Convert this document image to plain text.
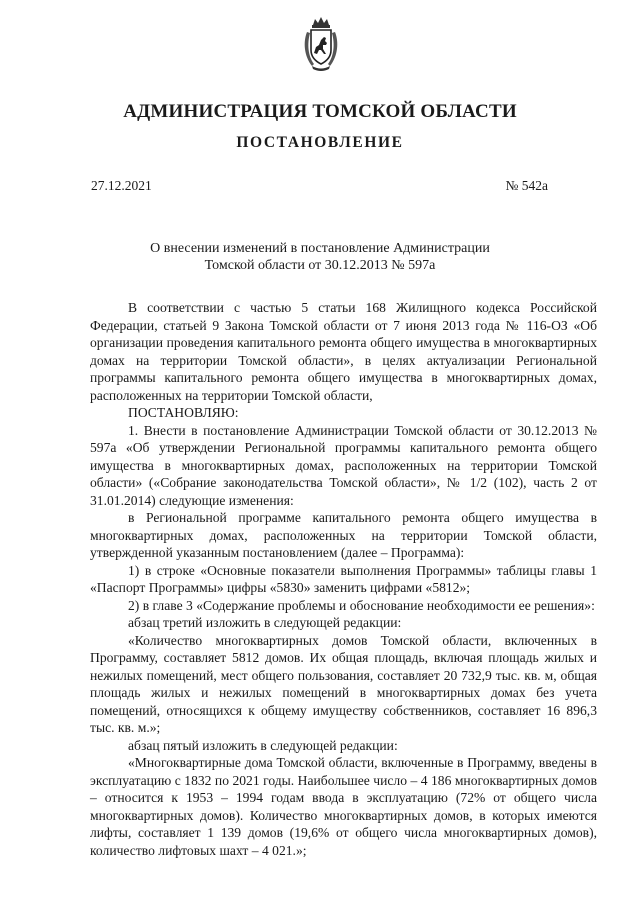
АДМИНИСТРАЦИЯ ТОМСКОЙ ОБЛАСТИ
ПОСТАНОВЛЕНИЕ
27.12.2021	№ 542а
О внесении изменений в постановление Администрации
Томской области от 30.12.2013 № 597а

В соответствии с частью 5 статьи 168 Жилищного кодекса Российской Федерации, статьей 9 Закона Томской области от 7 июня 2013 года № 116-ОЗ «Об организации проведения капитального ремонта общего имущества в многоквартирных домах на территории Томской области», в целях актуализации Региональной программы капитального ремонта общего имущества в многоквартирных домах, расположенных на территории Томской области,

ПОСТАНОВЛЯЮ:

1. Внести в постановление Администрации Томской области от 30.12.2013 № 597а «Об утверждении Региональной программы капитального ремонта общего имущества в многоквартирных домах, расположенных на территории Томской области» («Собрание законодательства Томской области», № 1/2 (102), часть 2 от 31.01.2014) следующие изменения:

в Региональной программе капитального ремонта общего имущества в многоквартирных домах, расположенных на территории Томской области, утвержденной указанным постановлением (далее – Программа):

1) в строке «Основные показатели выполнения Программы» таблицы главы 1 «Паспорт Программы» цифры «5830» заменить цифрами «5812»;

2) в главе 3 «Содержание проблемы и обоснование необходимости ее решения»:

абзац третий изложить в следующей редакции:

«Количество многоквартирных домов Томской области, включенных в Программу, составляет 5812 домов. Их общая площадь, включая площадь жилых и нежилых помещений, мест общего пользования, составляет 20 732,9 тыс. кв. м, общая площадь жилых и нежилых помещений в многоквартирных домах без учета помещений, относящихся к общему имуществу собственников, составляет 16 896,3 тыс. кв. м.»;

абзац пятый изложить в следующей редакции:

«Многоквартирные дома Томской области, включенные в Программу, введены в эксплуатацию с 1832 по 2021 годы. Наибольшее число – 4 186 многоквартирных домов – относится к 1953 – 1994 годам ввода в эксплуатацию (72% от общего числа многоквартирных домов). Количество многоквартирных домов, в которых имеются лифты, составляет 1 139 домов (19,6% от общего числа многоквартирных домов), количество лифтовых шахт – 4 021.»;
